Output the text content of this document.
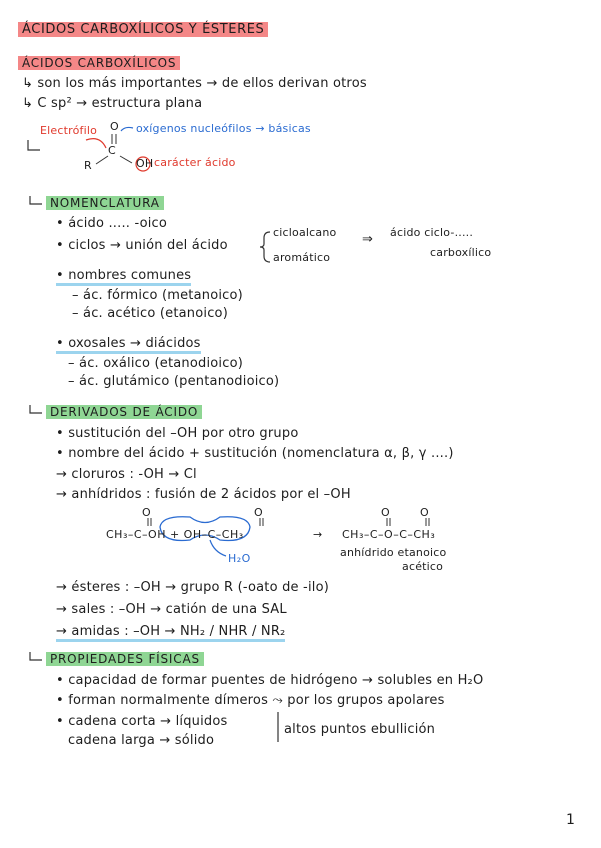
ÁCIDOS CARBOXÍLICOS Y ÉSTERES
ÁCIDOS CARBOXÍLICOS
↳ son los más importantes → de ellos derivan otros
↳ C sp² → estructura plana
Electrófilo O
C
R
oxígenos nucleófilos → básicas
OH carácter ácido
NOMENCLATURA
• ácido ..... -oico
• ciclos → unión del ácido
cicloalcano
aromático
⇒ ácido ciclo-.....
carboxílico
• nombres comunes
– ác. fórmico (metanoico)
– ác. acético (etanoico)
• oxosales → diácidos
– ác. oxálico (etanodioico)
– ác. glutámico (pentanodioico)
DERIVADOS DE ÁCIDO
• sustitución del –OH por otro grupo
• nombre del ácido + sustitución (nomenclatura α, β, γ ....)
→ cloruros : -OH → Cl
→ anhídridos : fusión de 2 ácidos por el –OH
O	O	O	O
CH₃–C–OH + OH–C–CH₃	→ CH₃–C–O–C–CH₃
H₂O	anhídrido etanoico
acético
→ ésteres : –OH → grupo R (-oato de -ilo)
→ sales : –OH → catión de una SAL
→ amidas : –OH → NH₂ / NHR / NR₂
PROPIEDADES FÍSICAS
• capacidad de formar puentes de hidrógeno → solubles en H₂O
• forman normalmente dímeros ⤳ por los grupos apolares
• cadena corta → líquidos
cadena larga → sólido
altos puntos ebullición
1
